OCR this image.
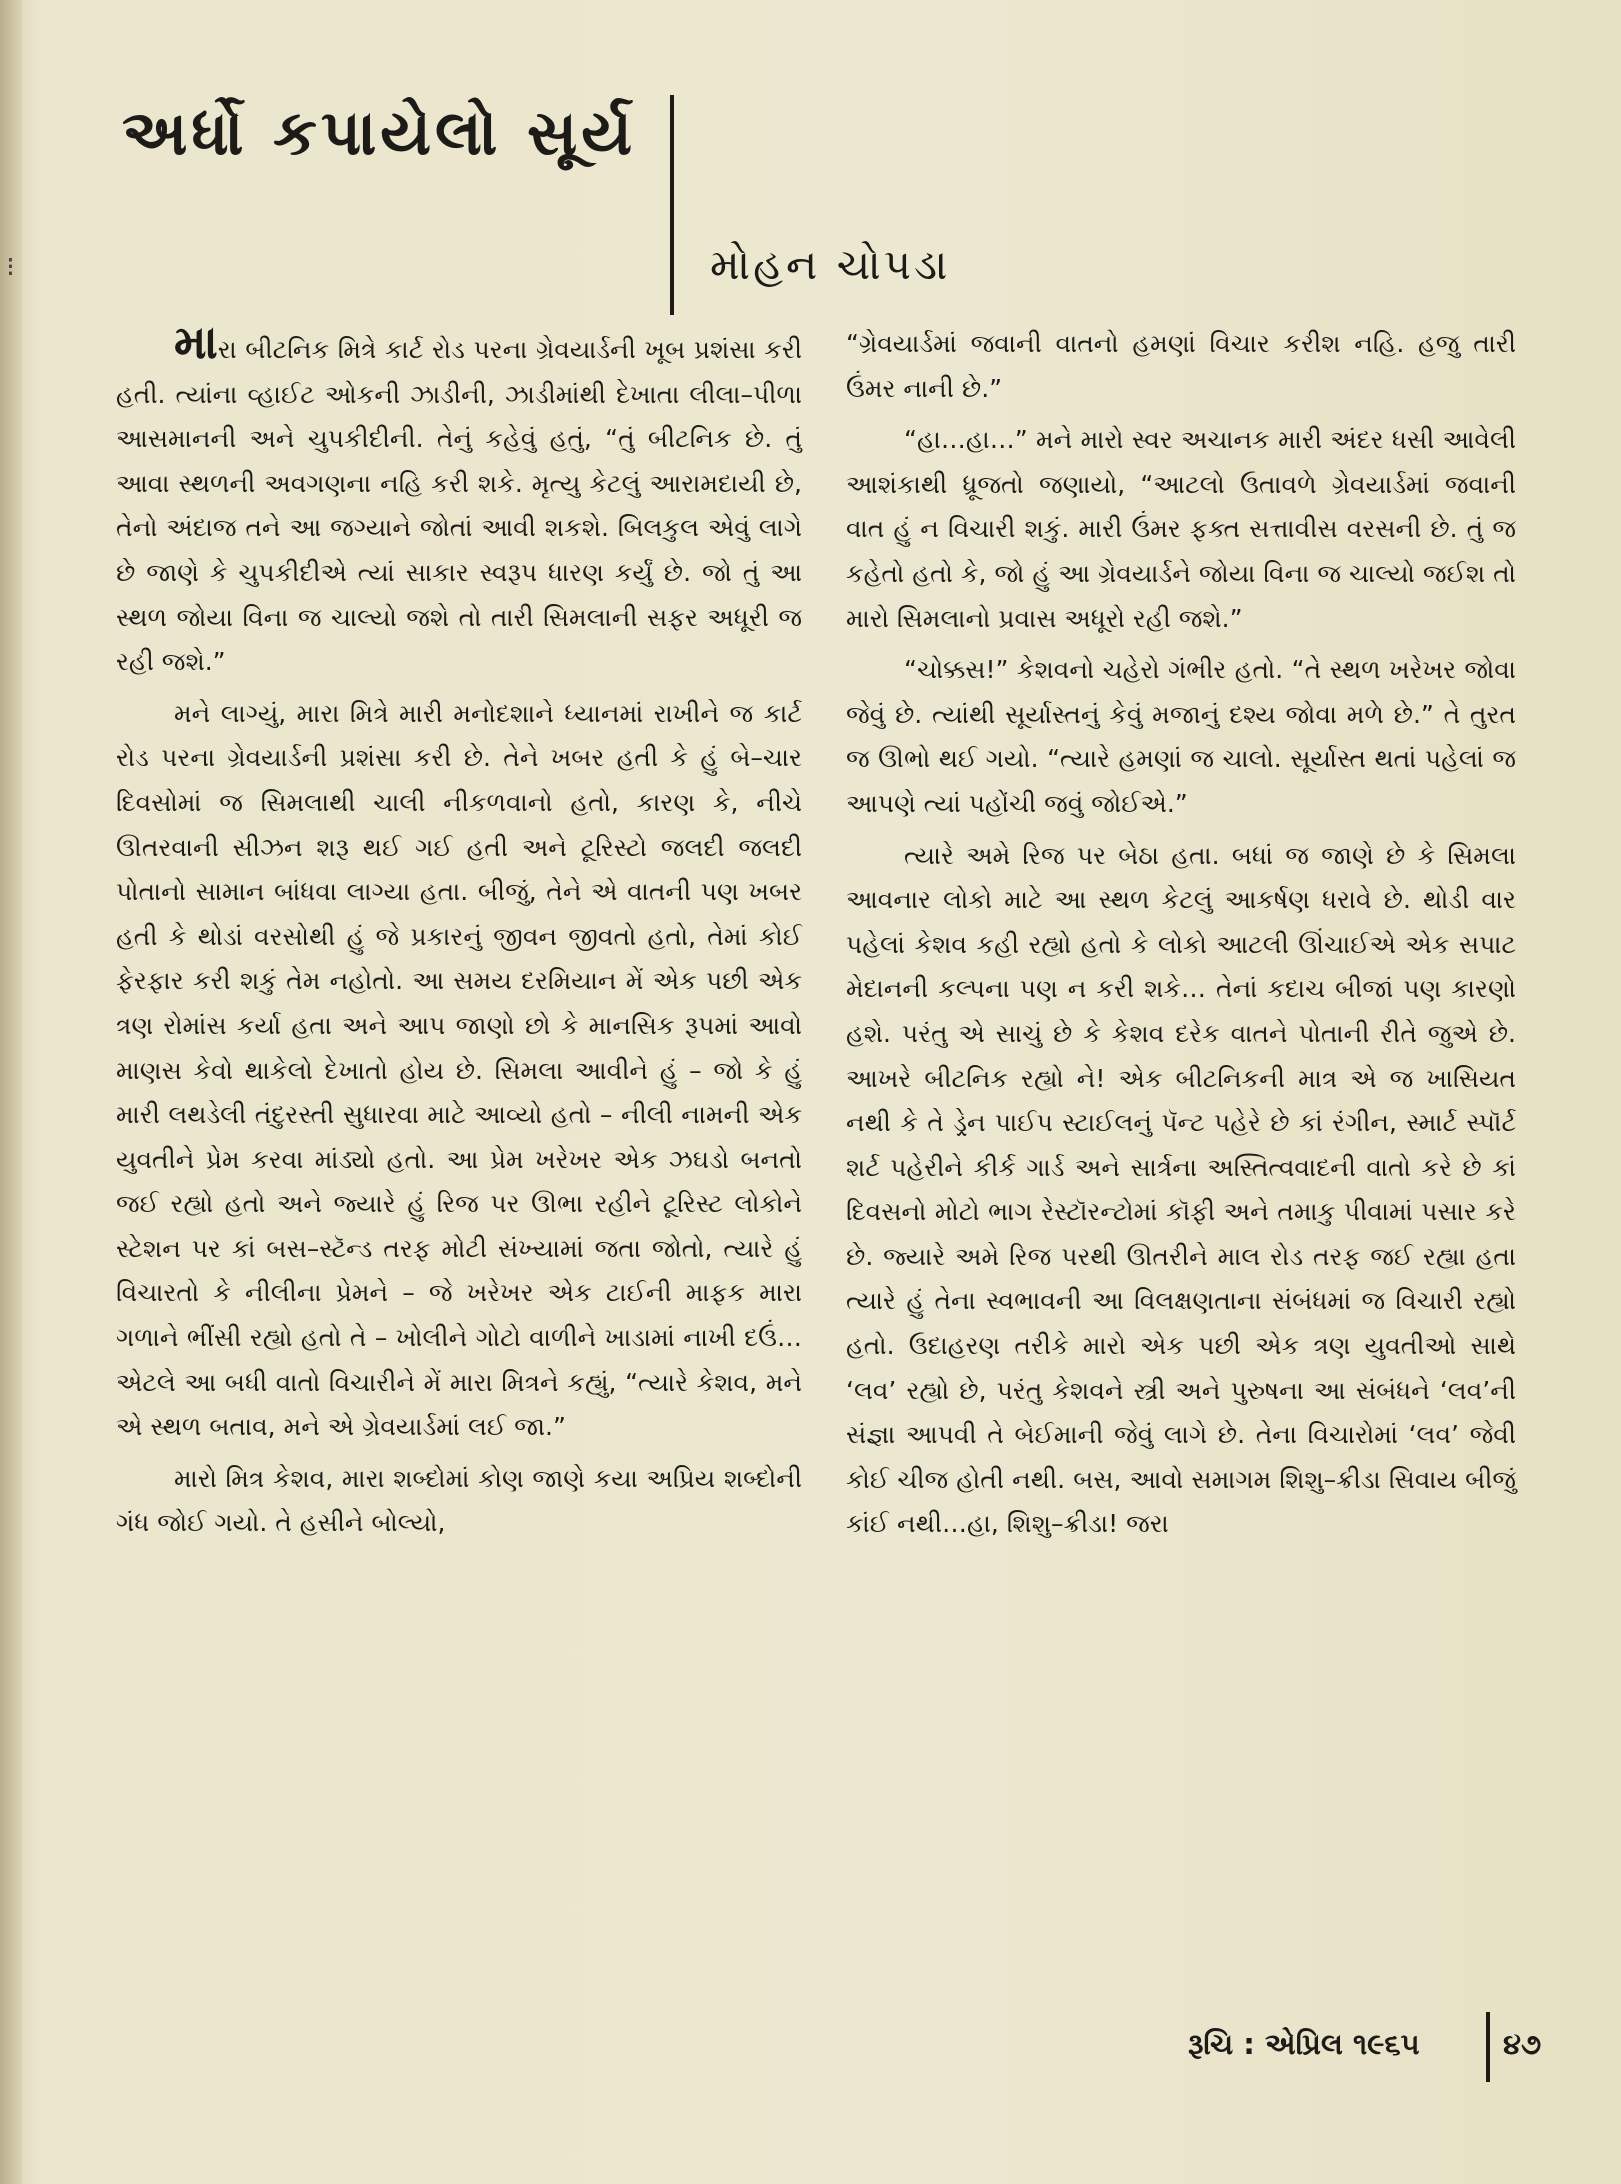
⁝
અર્ધો કપાયેલો સૂર્ય
મોહન ચોપડા

મારા બીટનિક મિત્રે કાર્ટ રોડ પરના ગ્રેવયાર્ડની ખૂબ પ્રશંસા કરી હતી. ત્યાંના વ્હાઈટ ઓકની ઝાડીની, ઝાડીમાંથી દેખાતા લીલા–પીળા આસમાનની અને ચુપકીદીની. તેનું કહેવું હતું, “તું બીટનિક છે. તું આવા સ્થળની અવગણના નહિ કરી શકે. મૃત્યુ કેટલું આરામદાયી છે, તેનો અંદાજ તને આ જગ્યાને જોતાં આવી શકશે. બિલકુલ એવું લાગે છે જાણે કે ચુપકીદીએ ત્યાં સાકાર સ્વરૂપ ધારણ કર્યું છે. જો તું આ સ્થળ જોયા વિના જ ચાલ્યો જશે તો તારી સિમલાની સફર અધૂરી જ રહી જશે.”

મને લાગ્યું, મારા મિત્રે મારી મનોદશાને ધ્યાનમાં રાખીને જ કાર્ટ રોડ પરના ગ્રેવયાર્ડની પ્રશંસા કરી છે. તેને ખબર હતી કે હું બે–ચાર દિવસોમાં જ સિમલાથી ચાલી નીકળવાનો હતો, કારણ કે, નીચે ઊતરવાની સીઝન શરૂ થઈ ગઈ હતી અને ટૂરિસ્ટો જલદી જલદી પોતાનો સામાન બાંધવા લાગ્યા હતા. બીજું, તેને એ વાતની પણ ખબર હતી કે થોડાં વરસોથી હું જે પ્રકારનું જીવન જીવતો હતો, તેમાં કોઈ ફેરફાર કરી શકું તેમ નહોતો. આ સમય દરમિયાન મેં એક પછી એક ત્રણ રોમાંસ કર્યા હતા અને આપ જાણો છો કે માનસિક રૂપમાં આવો માણસ કેવો થાકેલો દેખાતો હોય છે. સિમલા આવીને હું – જો કે હું મારી લથડેલી તંદુરસ્તી સુધારવા માટે આવ્યો હતો – નીલી નામની એક યુવતીને પ્રેમ કરવા માંડ્યો હતો. આ પ્રેમ ખરેખર એક ઝઘડો બનતો જઈ રહ્યો હતો અને જ્યારે હું રિજ પર ઊભા રહીને ટૂરિસ્ટ લોકોને સ્ટેશન પર કાં બસ–સ્ટૅન્ડ તરફ મોટી સંખ્યામાં જતા જોતો, ત્યારે હું વિચારતો કે નીલીના પ્રેમને – જે ખરેખર એક ટાઈની માફક મારા ગળાને ભીંસી રહ્યો હતો તે – ખોલીને ગોટો વાળીને ખાડામાં નાખી દઉં… એટલે આ બધી વાતો વિચારીને મેં મારા મિત્રને કહ્યું, “ત્યારે કેશવ, મને એ સ્થળ બતાવ, મને એ ગ્રેવયાર્ડમાં લઈ જા.”

મારો મિત્ર કેશવ, મારા શબ્દોમાં કોણ જાણે કયા અપ્રિય શબ્દોની ગંધ જોઈ ગયો. તે હસીને બોલ્યો,

“ગ્રેવયાર્ડમાં જવાની વાતનો હમણાં વિચાર કરીશ નહિ. હજુ તારી ઉંમર નાની છે.”

“હા…હા…” મને મારો સ્વર અચાનક મારી અંદર ધસી આવેલી આશંકાથી ધ્રૂજતો જણાયો, “આટલો ઉતાવળે ગ્રેવયાર્ડમાં જવાની વાત હું ન વિચારી શકું. મારી ઉંમર ફક્ત સત્તાવીસ વરસની છે. તું જ કહેતો હતો કે, જો હું આ ગ્રેવયાર્ડને જોયા વિના જ ચાલ્યો જઈશ તો મારો સિમલાનો પ્રવાસ અધૂરો રહી જશે.”

“ચોક્કસ!” કેશવનો ચહેરો ગંભીર હતો. “તે સ્થળ ખરેખર જોવા જેવું છે. ત્યાંથી સૂર્યાસ્તનું કેવું મજાનું દશ્ય જોવા મળે છે.” તે તુરત જ ઊભો થઈ ગયો. “ત્યારે હમણાં જ ચાલો. સૂર્યાસ્ત થતાં પહેલાં જ આપણે ત્યાં પહોંચી જવું જોઈએ.”

ત્યારે અમે રિજ પર બેઠા હતા. બધાં જ જાણે છે કે સિમલા આવનાર લોકો માટે આ સ્થળ કેટલું આકર્ષણ ધરાવે છે. થોડી વાર પહેલાં કેશવ કહી રહ્યો હતો કે લોકો આટલી ઊંચાઈએ એક સપાટ મેદાનની કલ્પના પણ ન કરી શકે… તેનાં કદાચ બીજાં પણ કારણો હશે. પરંતુ એ સાચું છે કે કેશવ દરેક વાતને પોતાની રીતે જુએ છે. આખરે બીટનિક રહ્યો ને! એક બીટનિકની માત્ર એ જ ખાસિયત નથી કે તે ડ્રેન પાઈપ સ્ટાઈલનું પૅન્ટ પહેરે છે કાં રંગીન, સ્માર્ટ સ્પૉર્ટ શર્ટ પહેરીને કીર્ક ગાર્ડ અને સાર્ત્રના અસ્તિત્વવાદની વાતો કરે છે કાં દિવસનો મોટો ભાગ રેસ્ટૉરન્ટોમાં કૉફી અને તમાકુ પીવામાં પસાર કરે છે. જ્યારે અમે રિજ પરથી ઊતરીને માલ રોડ તરફ જઈ રહ્યા હતા ત્યારે હું તેના સ્વભાવની આ વિલક્ષણતાના સંબંધમાં જ વિચારી રહ્યો હતો. ઉદાહરણ તરીકે મારો એક પછી એક ત્રણ યુવતીઓ સાથે ‘લવ’ રહ્યો છે, પરંતુ કેશવને સ્ત્રી અને પુરુષના આ સંબંધને ‘લવ’ની સંજ્ઞા આપવી તે બેઈમાની જેવું લાગે છે. તેના વિચારોમાં ‘લવ’ જેવી કોઈ ચીજ હોતી નથી. બસ, આવો સમાગમ શિશુ–ક્રીડા સિવાય બીજું કાંઈ નથી…હા, શિશુ–ક્રીડા! જરા

રૂચિ : એપ્રિલ ૧૯૬૫	૪૭
